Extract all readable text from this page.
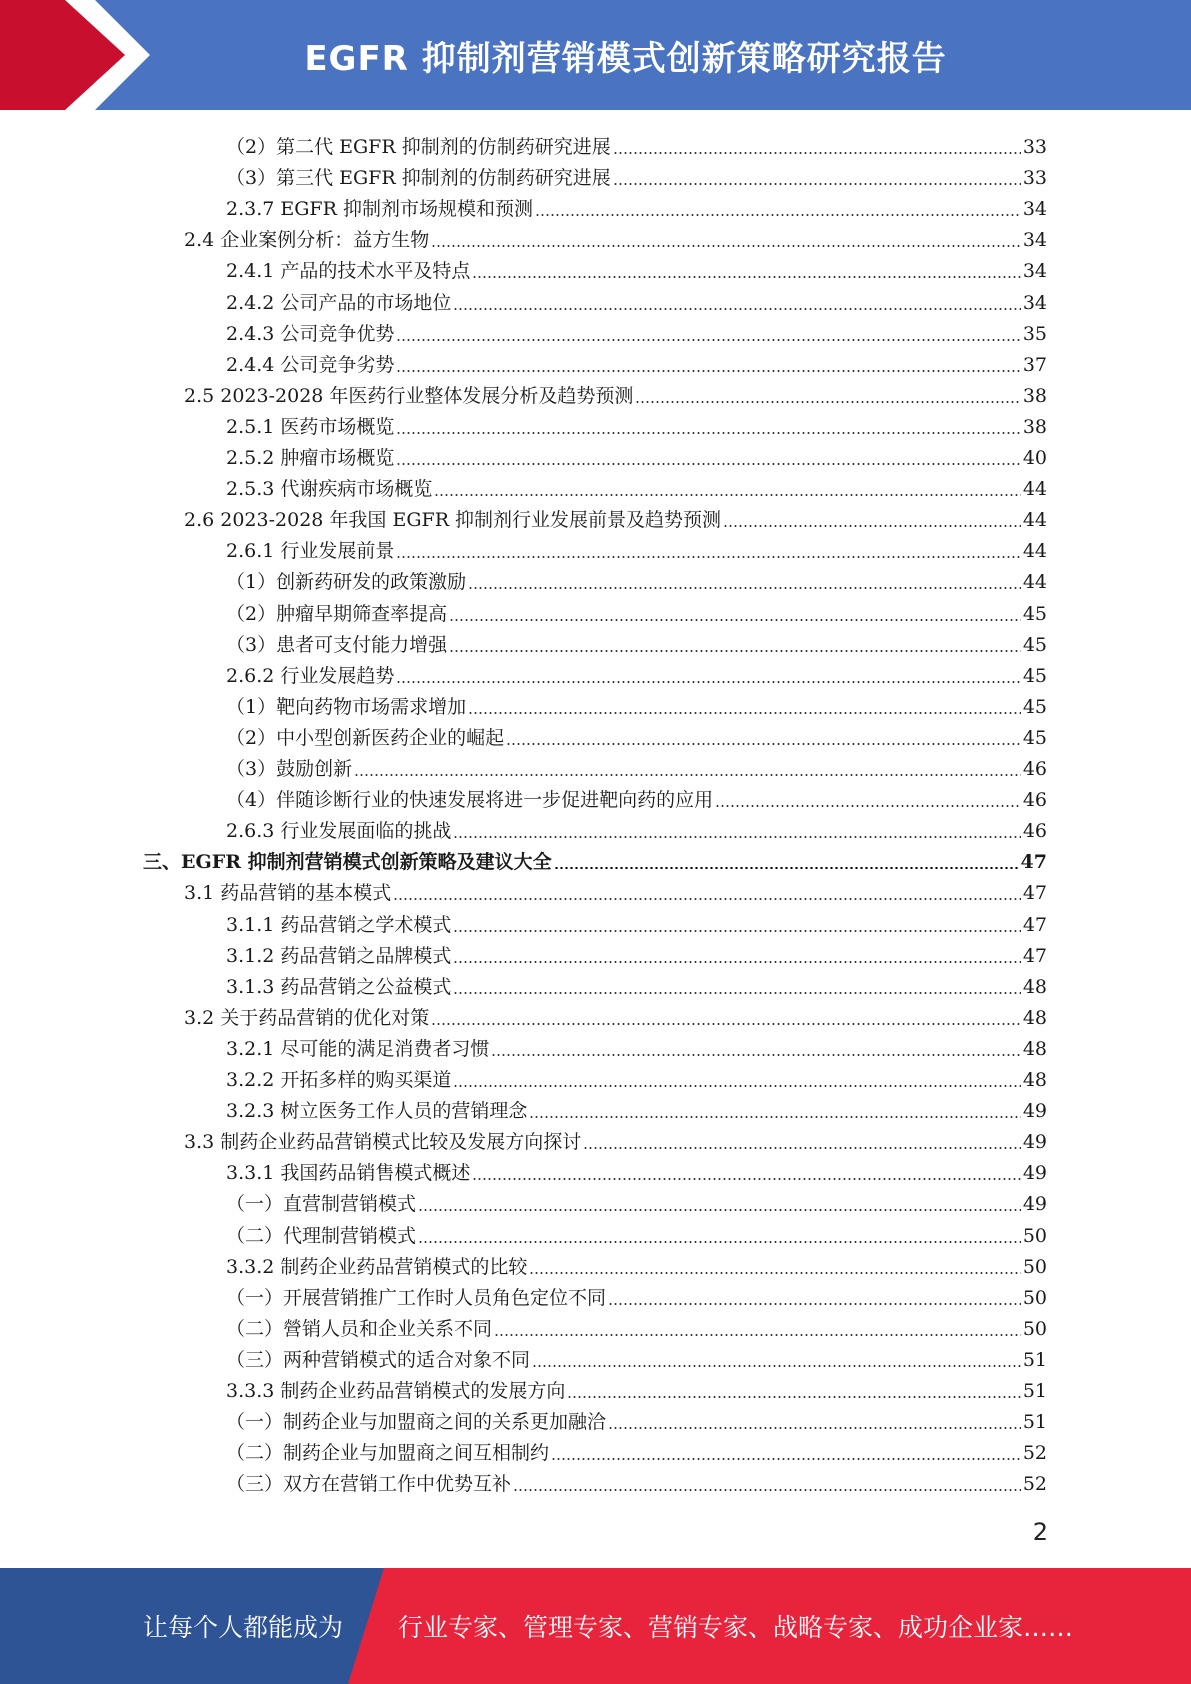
EGFR 抑制剂营销模式创新策略研究报告
（2）第二代 EGFR 抑制剂的仿制药研究进展	33
（3）第三代 EGFR 抑制剂的仿制药研究进展	33
2.3.7 EGFR 抑制剂市场规模和预测	34
2.4 企业案例分析：益方生物	34
2.4.1 产品的技术水平及特点	34
2.4.2 公司产品的市场地位	34
2.4.3 公司竞争优势	35
2.4.4 公司竞争劣势	37
2.5 2023-2028 年医药行业整体发展分析及趋势预测	38
2.5.1 医药市场概览	38
2.5.2 肿瘤市场概览	40
2.5.3 代谢疾病市场概览	44
2.6 2023-2028 年我国 EGFR 抑制剂行业发展前景及趋势预测	44
2.6.1 行业发展前景	44
（1）创新药研发的政策激励	44
（2）肿瘤早期筛查率提高	45
（3）患者可支付能力增强	45
2.6.2 行业发展趋势	45
（1）靶向药物市场需求增加	45
（2）中小型创新医药企业的崛起	45
（3）鼓励创新	46
（4）伴随诊断行业的快速发展将进一步促进靶向药的应用	46
2.6.3 行业发展面临的挑战	46
三、EGFR 抑制剂营销模式创新策略及建议大全	47
3.1 药品营销的基本模式	47
3.1.1 药品营销之学术模式	47
3.1.2 药品营销之品牌模式	47
3.1.3 药品营销之公益模式	48
3.2 关于药品营销的优化对策	48
3.2.1 尽可能的满足消费者习惯	48
3.2.2 开拓多样的购买渠道	48
3.2.3 树立医务工作人员的营销理念	49
3.3 制药企业药品营销模式比较及发展方向探讨	49
3.3.1 我国药品销售模式概述	49
（一）直营制营销模式	49
（二）代理制营销模式	50
3.3.2 制药企业药品营销模式的比较	50
（一）开展营销推广工作时人员角色定位不同	50
（二）營销人员和企业关系不同	50
（三）两种营销模式的适合对象不同	51
3.3.3 制药企业药品营销模式的发展方向	51
（一）制药企业与加盟商之间的关系更加融洽	51
（二）制药企业与加盟商之间互相制约	52
（三）双方在营销工作中优势互补	52
2
让每个人都能成为 行业专家、管理专家、营销专家、战略专家、成功企业家……
